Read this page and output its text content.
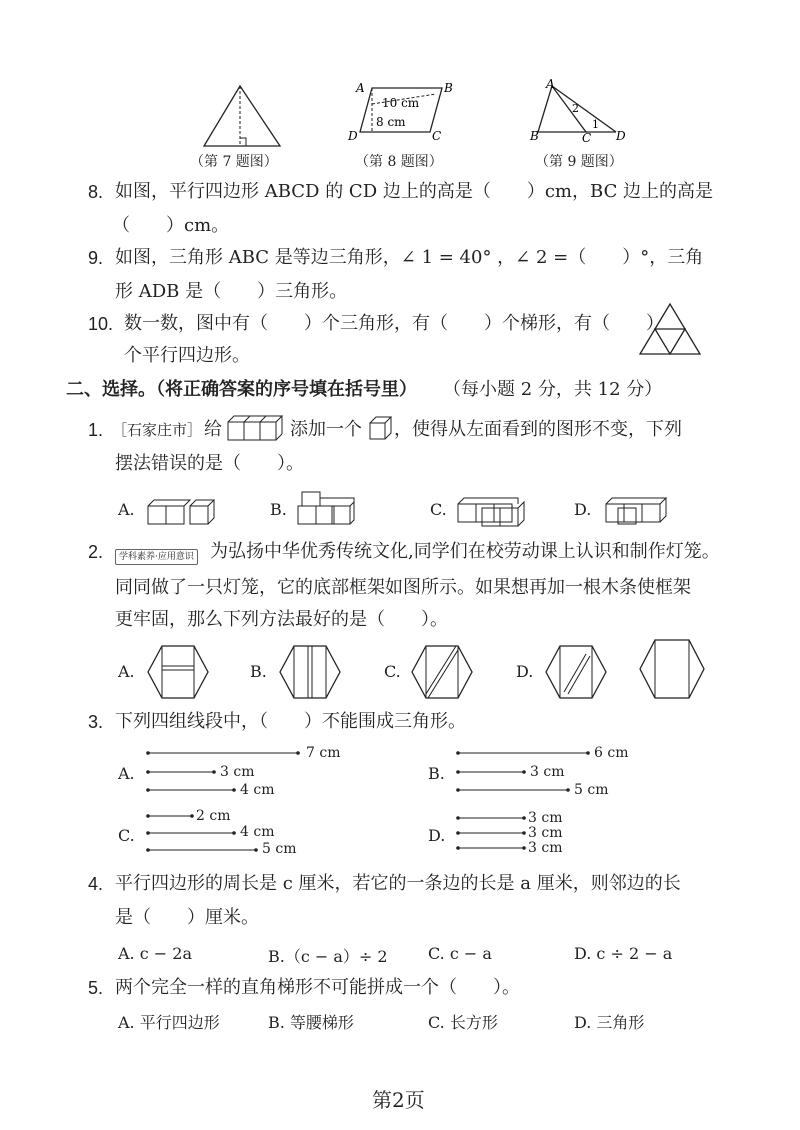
（第 7 题图）
A	B
C
D
10 cm
8 cm
（第 8 题图）
A
B	C D
2
1
（第 9 题图）
8. 如图，平行四边形 ABCD 的 CD 边上的高是（　　）cm，BC 边上的高是
（　　）cm。
9. 如图，三角形 ABC 是等边三角形，∠ 1 = 40° ，∠ 2 =（　　）°，三角
形 ADB 是（　　）三角形。
10. 数一数，图中有（　　）个三角形，有（　　）个梯形，有（　　）
个平行四边形。
二、选择。（将正确答案的序号填在括号里） （每小题 2 分，共 12 分）
1. ［石家庄市］ 给	添加一个 ，使得从左面看到的图形不变，下列
摆法错误的是（　　）。
A.	B.	C.	D.
2.	学科素养·应用意识 为弘扬中华优秀传统文化,同学们在校劳动课上认识和制作灯笼。
同同做了一只灯笼，它的底部框架如图所示。如果想再加一根木条使框架
更牢固，那么下列方法最好的是（　　）。
A.	B.	C.	D.
3. 下列四组线段中，（　　）不能围成三角形。
A.
7 cm
3 cm
4 cm
B.
6 cm
3 cm
5 cm
C.
2 cm
4 cm
5 cm
D.
3 cm
3 cm
3 cm
4. 平行四边形的周长是 c 厘米，若它的一条边的长是 a 厘米，则邻边的长
是（　　）厘米。
A. c − 2a	B.（c − a）÷ 2	C. c − a	D. c ÷ 2 − a
5. 两个完全一样的直角梯形不可能拼成一个（　　）。
A. 平行四边形	B. 等腰梯形	C. 长方形	D. 三角形
第2页
